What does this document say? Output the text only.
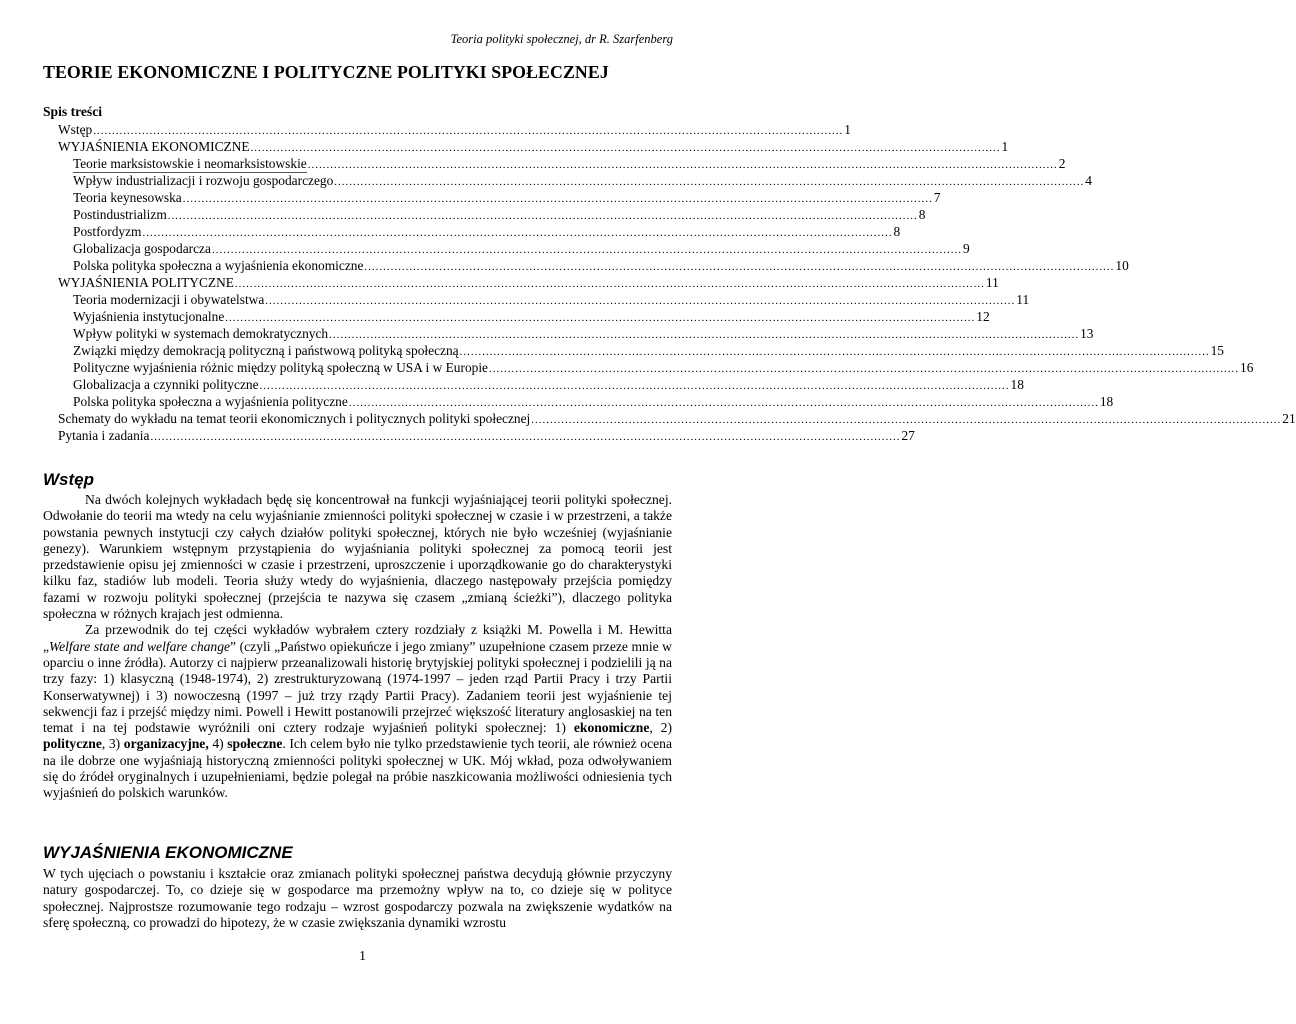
Teoria polityki społecznej, dr R. Szarfenberg
TEORIE EKONOMICZNE I POLITYCZNE POLITYKI SPOŁECZNEJ
Spis treści
Wstęp ........................................................................................................................................................................................................ 1
WYJAŚNIENIA EKONOMICZNE ........................................................................................................................................................................................................ 1
Teorie marksistowskie i neomarksistowskie ........................................................................................................................................................................................................ 2
Wpływ industrializacji i rozwoju gospodarczego ........................................................................................................................................................................................................ 4
Teoria keynesowska ........................................................................................................................................................................................................ 7
Postindustrializm ........................................................................................................................................................................................................ 8
Postfordyzm ........................................................................................................................................................................................................ 8
Globalizacja gospodarcza ........................................................................................................................................................................................................ 9
Polska polityka społeczna a wyjaśnienia ekonomiczne ........................................................................................................................................................................................................ 10
WYJAŚNIENIA POLITYCZNE ........................................................................................................................................................................................................ 11
Teoria modernizacji i obywatelstwa ........................................................................................................................................................................................................ 11
Wyjaśnienia instytucjonalne ........................................................................................................................................................................................................ 12
Wpływ polityki w systemach demokratycznych ........................................................................................................................................................................................................ 13
Związki między demokracją polityczną i państwową polityką społeczną ........................................................................................................................................................................................................ 15
Polityczne wyjaśnienia różnic między polityką społeczną w USA i w Europie ........................................................................................................................................................................................................ 16
Globalizacja a czynniki polityczne ........................................................................................................................................................................................................ 18
Polska polityka społeczna a wyjaśnienia polityczne ........................................................................................................................................................................................................ 18
Schematy do wykładu na temat teorii ekonomicznych i politycznych polityki społecznej ........................................................................................................................................................................................................ 21
Pytania i zadania ........................................................................................................................................................................................................ 27
Wstęp

Na dwóch kolejnych wykładach będę się koncentrował na funkcji wyjaśniającej teorii polityki społecznej. Odwołanie do teorii ma wtedy na celu wyjaśnianie zmienności polityki społecznej w czasie i w przestrzeni, a także powstania pewnych instytucji czy całych działów polityki społecznej, których nie było wcześniej (wyjaśnianie genezy). Warunkiem wstępnym przystąpienia do wyjaśniania polityki społecznej za pomocą teorii jest przedstawienie opisu jej zmienności w czasie i przestrzeni, uproszczenie i uporządkowanie go do charakterystyki kilku faz, stadiów lub modeli. Teoria służy wtedy do wyjaśnienia, dlaczego następowały przejścia pomiędzy fazami w rozwoju polityki społecznej (przejścia te nazywa się czasem „zmianą ścieżki”), dlaczego polityka społeczna w różnych krajach jest odmienna.

Za przewodnik do tej części wykładów wybrałem cztery rozdziały z książki M. Powella i M. Hewitta „Welfare state and welfare change” (czyli „Państwo opiekuńcze i jego zmiany” uzupełnione czasem przeze mnie w oparciu o inne źródła). Autorzy ci najpierw przeanalizowali historię brytyjskiej polityki społecznej i podzielili ją na trzy fazy: 1) klasyczną (1948-1974), 2) zrestrukturyzowaną (1974-1997 – jeden rząd Partii Pracy i trzy Partii Konserwatywnej) i 3) nowoczesną (1997 – już trzy rządy Partii Pracy). Zadaniem teorii jest wyjaśnienie tej sekwencji faz i przejść między nimi. Powell i Hewitt postanowili przejrzeć większość literatury anglosaskiej na ten temat i na tej podstawie wyróżnili oni cztery rodzaje wyjaśnień polityki społecznej: 1) ekonomiczne, 2) polityczne, 3) organizacyjne, 4) społeczne. Ich celem było nie tylko przedstawienie tych teorii, ale również ocena na ile dobrze one wyjaśniają historyczną zmienności polityki społecznej w UK. Mój wkład, poza odwoływaniem się do źródeł oryginalnych i uzupełnieniami, będzie polegał na próbie naszkicowania możliwości odniesienia tych wyjaśnień do polskich warunków.

WYJAŚNIENIA EKONOMICZNE

W tych ujęciach o powstaniu i kształcie oraz zmianach polityki społecznej państwa decydują głównie przyczyny natury gospodarczej. To, co dzieje się w gospodarce ma przemożny wpływ na to, co dzieje się w polityce społecznej. Najprostsze rozumowanie tego rodzaju – wzrost gospodarczy pozwala na zwiększenie wydatków na sferę społeczną, co prowadzi do hipotezy, że w czasie zwiększania dynamiki wzrostu

1
